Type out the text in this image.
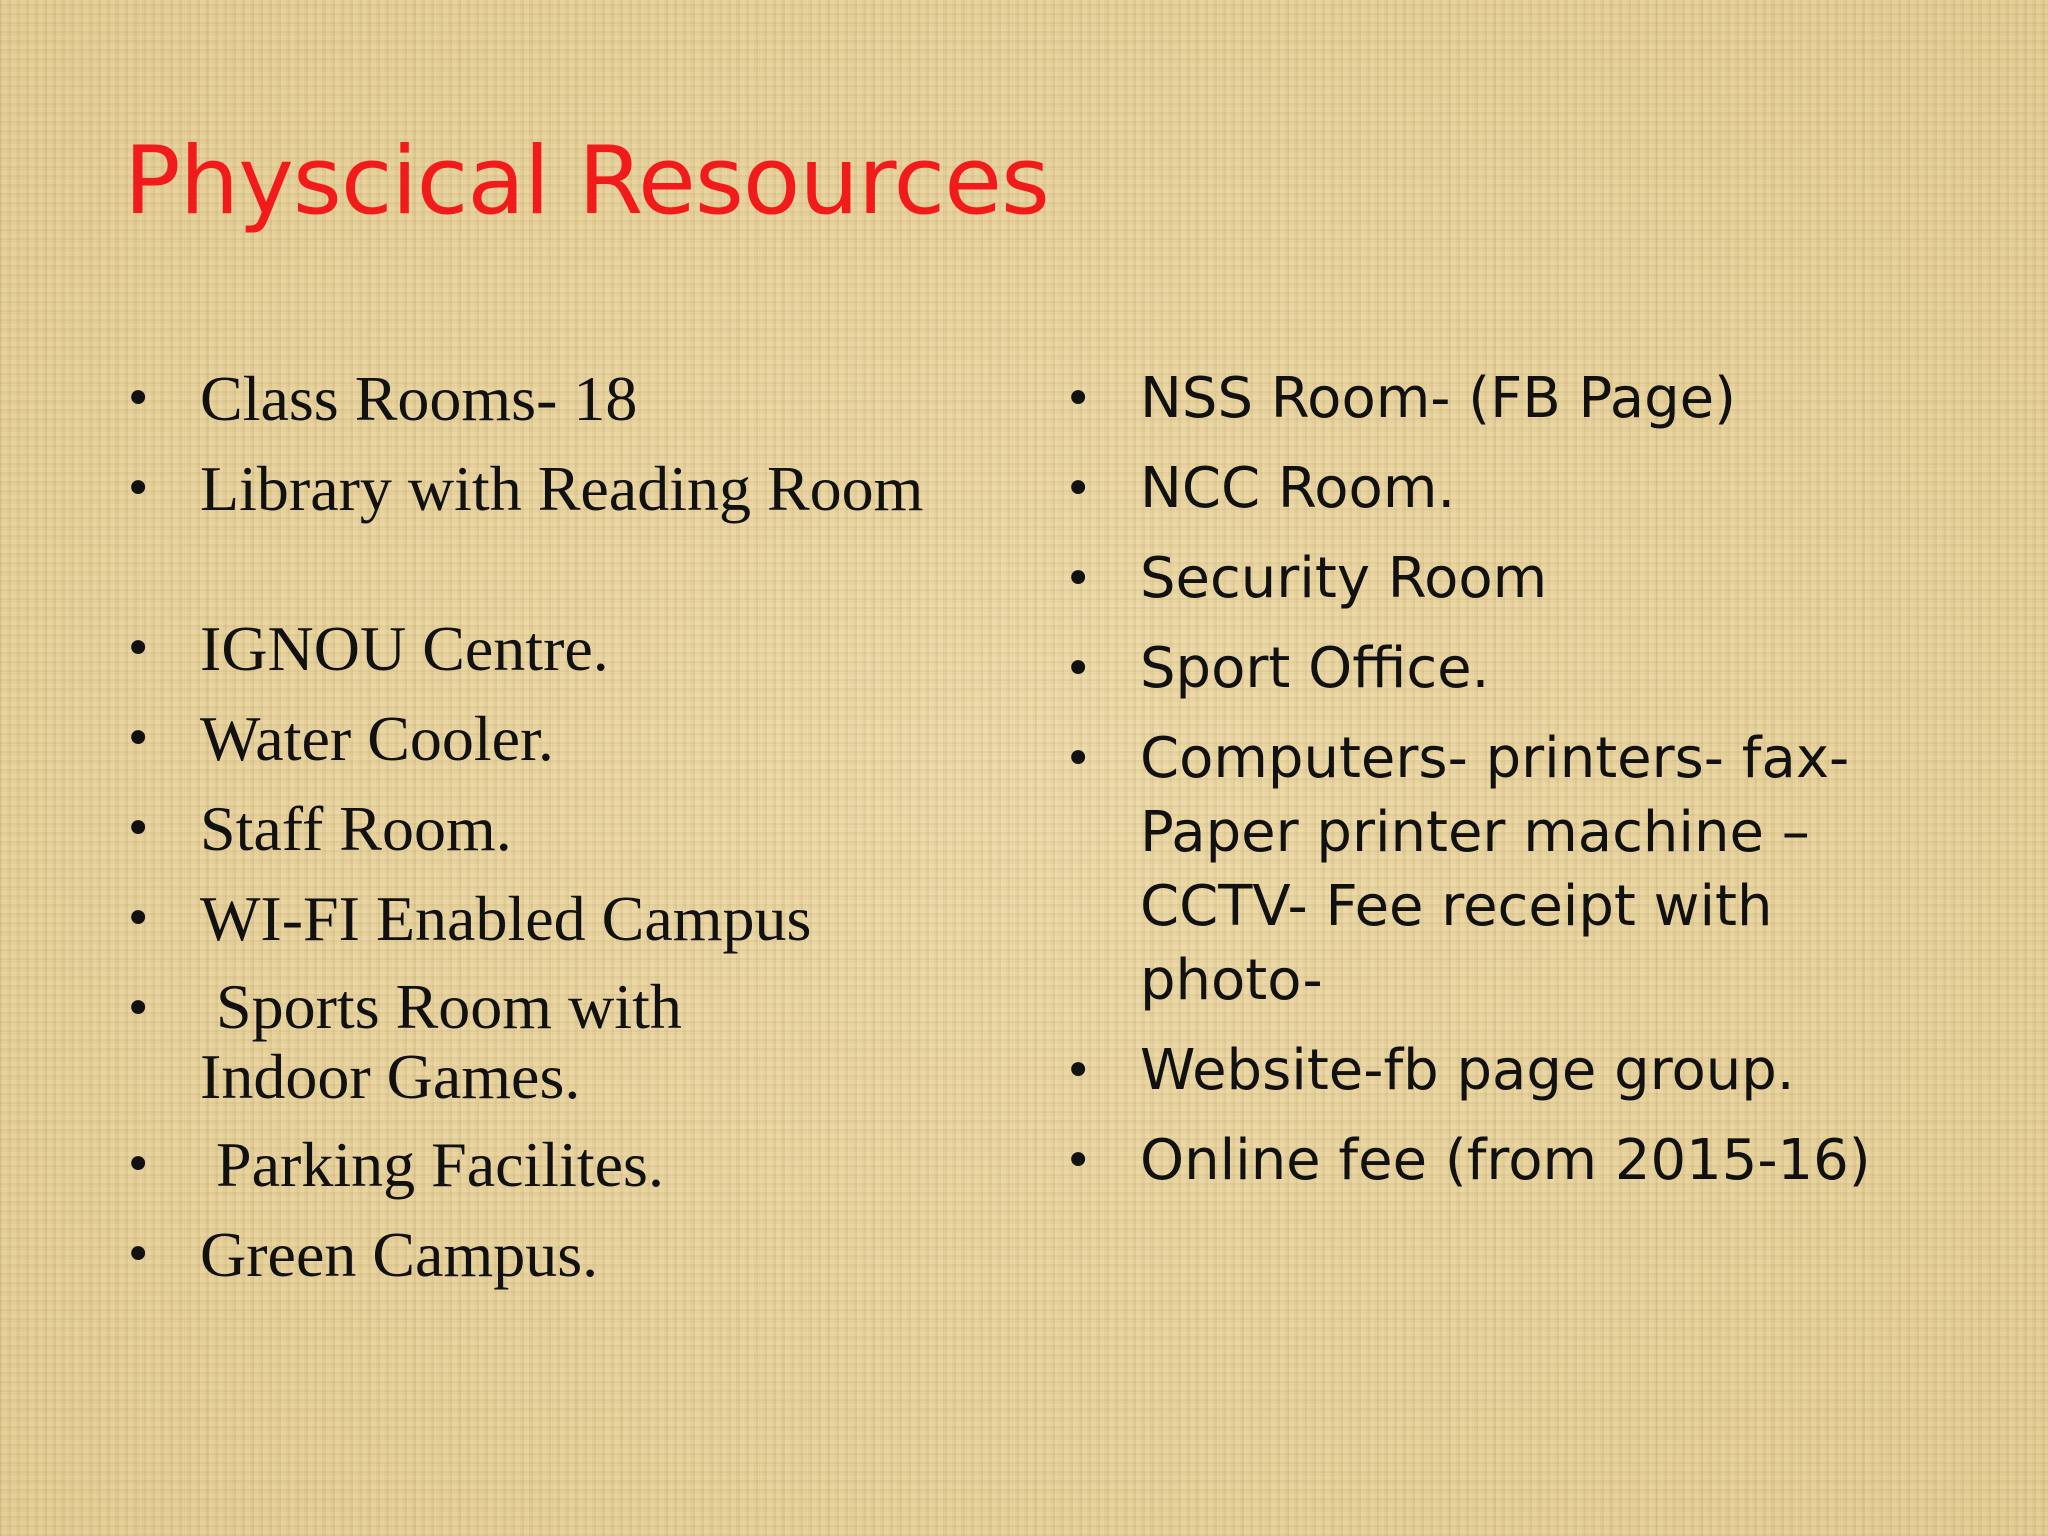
Physcical Resources
• Class Rooms- 18
• Library with Reading Room
• IGNOU Centre.
• Water Cooler.
• Staff Room.
• WI-FI Enabled Campus
• Sports Room with Indoor Games.
• Parking Facilites.
• Green Campus.
• NSS Room- (FB Page)
• NCC Room.
• Security Room
• Sport Office.
• Computers- printers- fax- Paper printer machine – CCTV- Fee receipt with photo-
• Website-fb page group.
• Online fee (from 2015-16)
